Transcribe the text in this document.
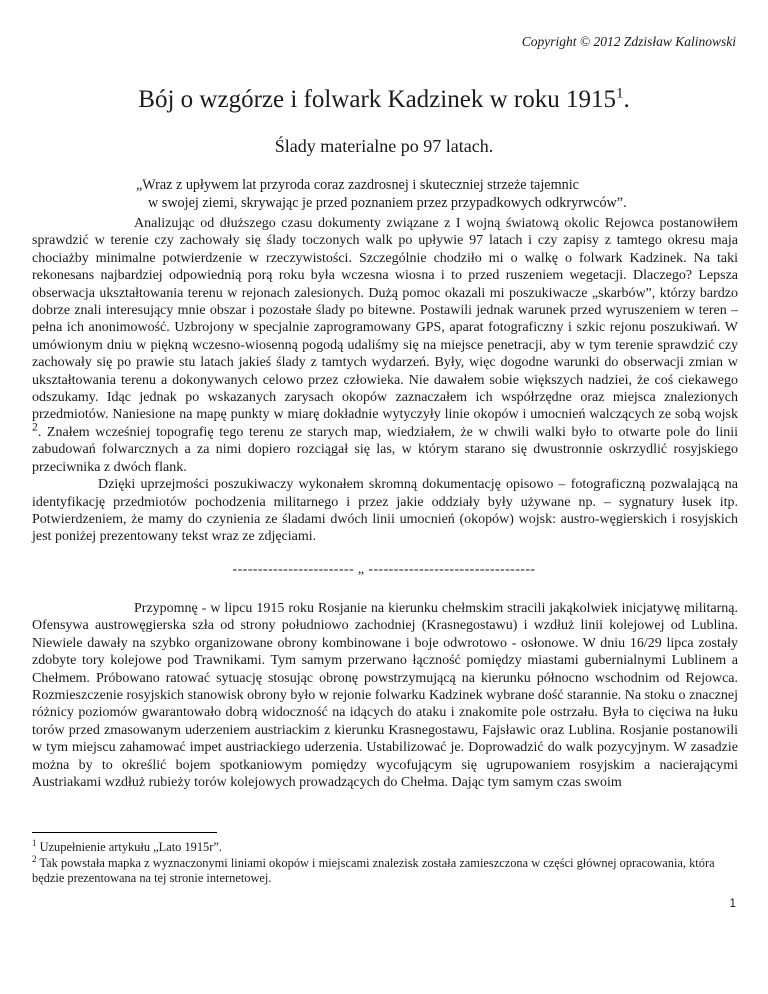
Copyright © 2012 Zdzisław Kalinowski
Bój o wzgórze i folwark Kadzinek w roku 1915$^1$.
Ślady materialne po 97 latach.
„Wraz z upływem lat przyroda coraz zazdrosnej i skuteczniej strzeże tajemnic
w swojej ziemi, skrywając je przed poznaniem przez przypadkowych odkryrwców”.

Analizując od dłuższego czasu dokumenty związane z I wojną światową okolic Rejowca postanowiłem sprawdzić w terenie czy zachowały się ślady toczonych walk po upływie 97 latach i czy zapisy z tamtego okresu maja chociażby minimalne potwierdzenie w rzeczywistości. Szczególnie chodziło mi o walkę o folwark Kadzinek. Na taki rekonesans najbardziej odpowiednią porą roku była wczesna wiosna i to przed ruszeniem wegetacji. Dlaczego? Lepsza obserwacja ukształtowania terenu w rejonach zalesionych. Dużą pomoc okazali mi poszukiwacze „skarbów”, którzy bardzo dobrze znali interesujący mnie obszar i pozostałe ślady po bitewne. Postawili jednak warunek przed wyruszeniem w teren – pełna ich anonimowość. Uzbrojony w specjalnie zaprogramowany GPS, aparat fotograficzny i szkic rejonu poszukiwań. W umówionym dniu w piękną wczesno-wiosenną pogodą udaliśmy się na miejsce penetracji, aby w tym terenie sprawdzić czy zachowały się po prawie stu latach jakieś ślady z tamtych wydarzeń. Były, więc dogodne warunki do obserwacji zmian w ukształtowania terenu a dokonywanych celowo przez człowieka. Nie dawałem sobie większych nadziei, że coś ciekawego odszukamy. Idąc jednak po wskazanych zarysach okopów zaznaczałem ich współrzędne oraz miejsca znalezionych przedmiotów. Naniesione na mapę punkty w miarę dokładnie wytyczyły linie okopów i umocnień walczących ze sobą wojsk $^2$. Znałem wcześniej topografię tego terenu ze starych map, wiedziałem, że w chwili walki było to otwarte pole do linii zabudowań folwarcznych a za nimi dopiero rozciągał się las, w którym starano się dwustronnie oskrzydlić rosyjskiego przeciwnika z dwóch flank.

Dzięki uprzejmości poszukiwaczy wykonałem skromną dokumentację opisowo – fotograficzną pozwalającą na identyfikację przedmiotów pochodzenia militarnego i przez jakie oddziały były używane np. – sygnatury łusek itp. Potwierdzeniem, że mamy do czynienia ze śladami dwóch linii umocnień (okopów) wojsk: austro-węgierskich i rosyjskich jest poniżej prezentowany tekst wraz ze zdjęciami.

------------------------ „ ---------------------------------

Przypomnę - w lipcu 1915 roku Rosjanie na kierunku chełmskim stracili jakąkolwiek inicjatywę militarną. Ofensywa austrowęgierska szła od strony południowo zachodniej (Krasnegostawu) i wzdłuż linii kolejowej od Lublina. Niewiele dawały na szybko organizowane obrony kombinowane i boje odwrotowo - osłonowe. W dniu 16/29 lipca zostały zdobyte tory kolejowe pod Trawnikami. Tym samym przerwano łączność pomiędzy miastami gubernialnymi Lublinem a Chełmem. Próbowano ratować sytuację stosując obronę powstrzymującą na kierunku północno wschodnim od Rejowca. Rozmieszczenie rosyjskich stanowisk obrony było w rejonie folwarku Kadzinek wybrane dość starannie. Na stoku o znacznej różnicy poziomów gwarantowało dobrą widoczność na idących do ataku i znakomite pole ostrzału. Była to cięciwa na łuku torów przed zmasowanym uderzeniem austriackim z kierunku Krasnegostawu, Fajsławic oraz Lublina. Rosjanie postanowili w tym miejscu zahamować impet austriackiego uderzenia. Ustabilizować je. Doprowadzić do walk pozycyjnym. W zasadzie można by to określić bojem spotkaniowym pomiędzy wycofującym się ugrupowaniem rosyjskim a nacierającymi Austriakami wzdłuż rubieży torów kolejowych prowadzących do Chełma. Dając tym samym czas swoim

$^1$ Uzupełnienie artykułu „Lato 1915r”.
$^2$ Tak powstała mapka z wyznaczonymi liniami okopów i miejscami znalezisk została zamieszczona w części głównej opracowania, która będzie prezentowana na tej stronie internetowej.
1
